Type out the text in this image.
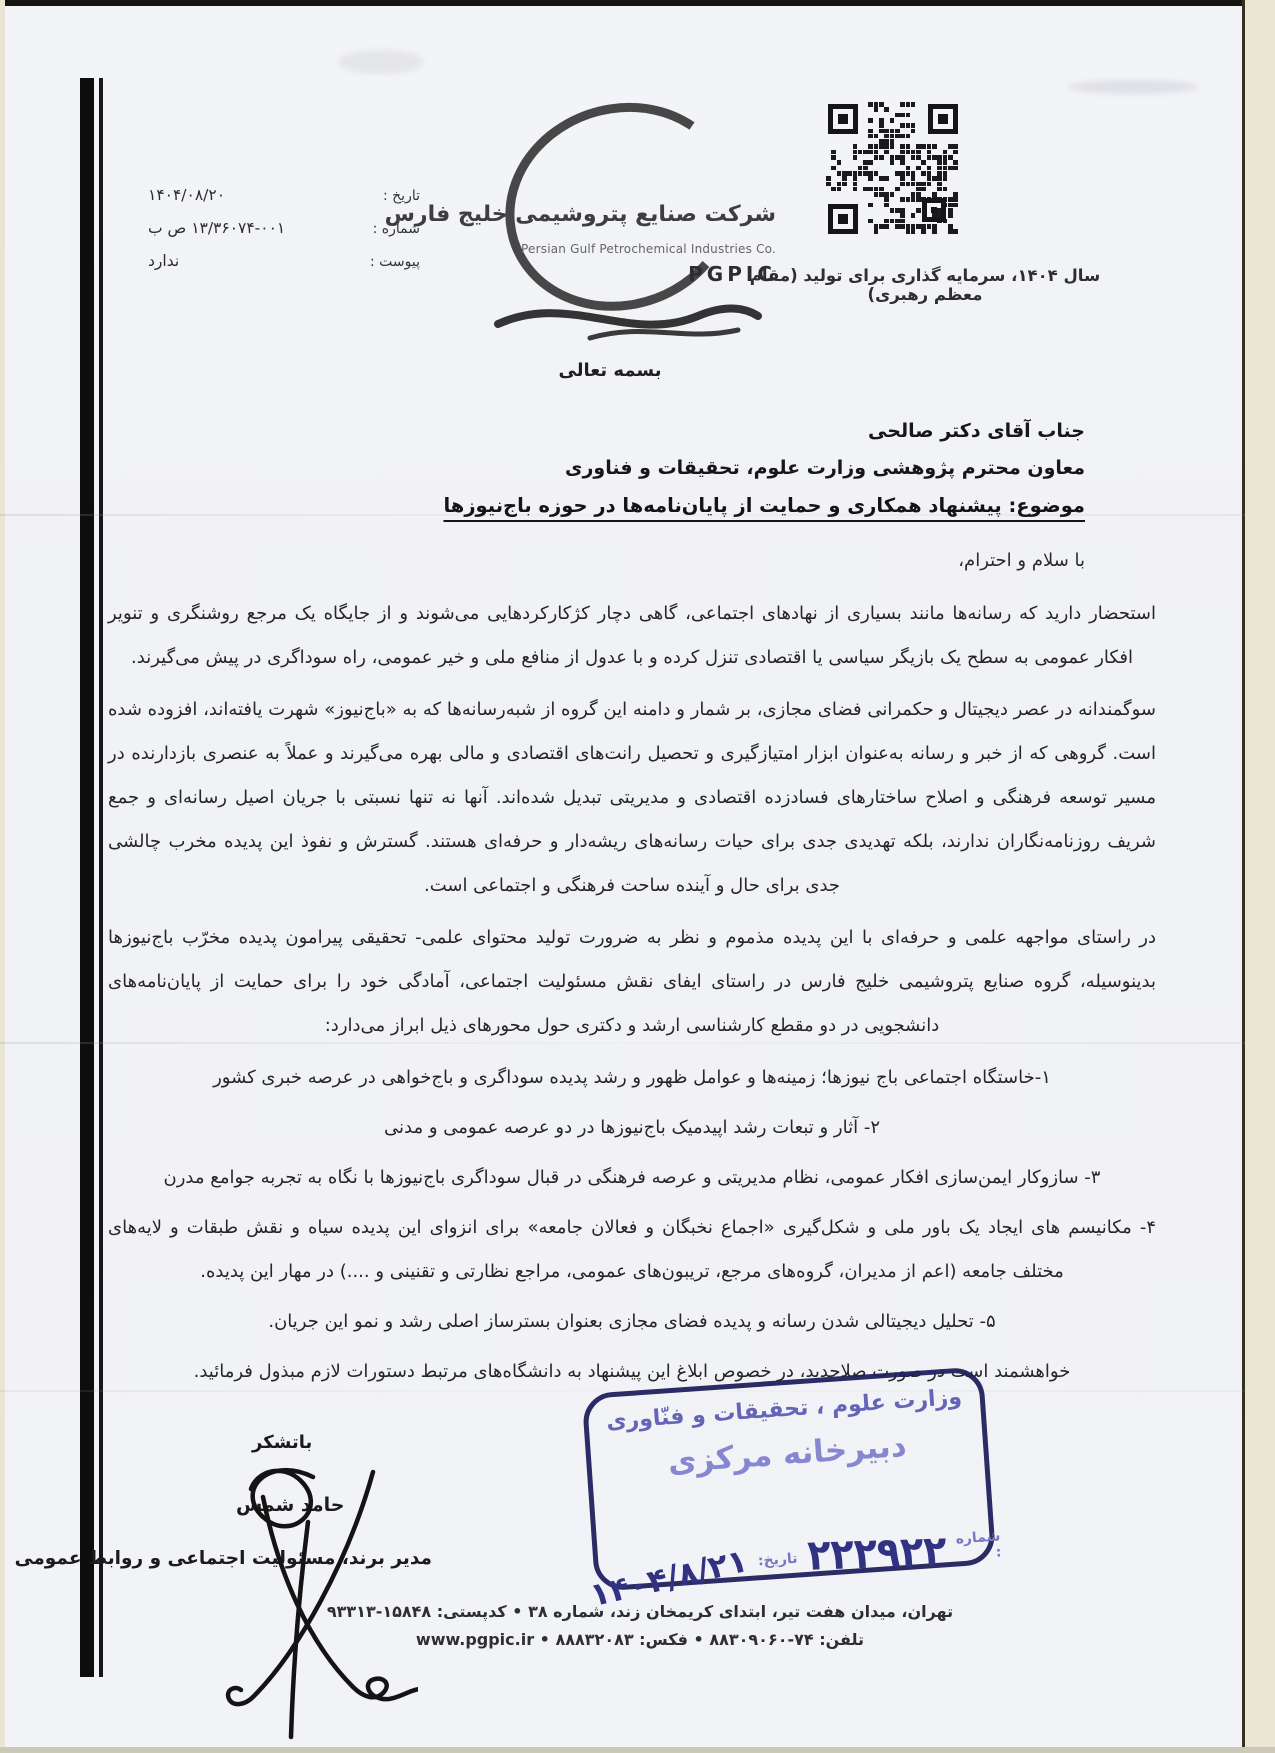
تاریخ :
۱۴۰۴/۰۸/۲۰
شماره :
۱۳/۳۶۰۷۴-۰۰۱ ص ب
پیوست :
ندارد
شرکت صنایع پتروشیمی خلیج فارس
Persian Gulf Petrochemical Industries Co.
PGPIC
سال ۱۴۰۴، سرمایه گذاری برای تولید (مقام معظم رهبری)
بسمه تعالی
جناب آقای دکتر صالحی
معاون محترم پژوهشی وزارت علوم، تحقیقات و فناوری
موضوع: پیشنهاد همکاری و حمایت از پایان‌نامه‌ها در حوزه باج‌نیوزها
با سلام و احترام،

استحضار دارید که رسانه‌ها مانند بسیاری از نهادهای اجتماعی، گاهی دچار کژکارکردهایی می‌شوند و از جایگاه یک مرجع روشنگری و تنویر افکار عمومی به سطح یک بازیگر سیاسی یا اقتصادی تنزل کرده و با عدول از منافع ملی و خیر عمومی، راه سوداگری در پیش می‌گیرند.

سوگمندانه در عصر دیجیتال و حکمرانی فضای مجازی، بر شمار و دامنه این گروه از شبه‌رسانه‌ها که به «باج‌نیوز» شهرت یافته‌اند، افزوده شده است. گروهی که از خبر و رسانه به‌عنوان ابزار امتیازگیری و تحصیل رانت‌های اقتصادی و مالی بهره می‌گیرند و عملاً به عنصری بازدارنده در مسیر توسعه فرهنگی و اصلاح ساختارهای فسادزده اقتصادی و مدیریتی تبدیل شده‌اند. آنها نه تنها نسبتی با جریان اصیل رسانه‌ای و جمع شریف روزنامه‌نگاران ندارند، بلکه تهدیدی جدی برای حیات رسانه‌های ریشه‌دار و حرفه‌ای هستند. گسترش و نفوذ این پدیده مخرب چالشی جدی برای حال و آینده ساحت فرهنگی و اجتماعی است.

در راستای مواجهه علمی و حرفه‌ای با این پدیده مذموم و نظر به ضرورت تولید محتوای علمی- تحقیقی پیرامون پدیده مخرّب باج‌نیوزها بدینوسیله، گروه صنایع پتروشیمی خلیج فارس در راستای ایفای نقش مسئولیت اجتماعی، آمادگی خود را برای حمایت از پایان‌نامه‌های دانشجویی در دو مقطع کارشناسی ارشد و دکتری حول محورهای ذیل ابراز می‌دارد:

۱-خاستگاه اجتماعی باج نیوزها؛ زمینه‌ها و عوامل ظهور و رشد پدیده سوداگری و باج‌خواهی در عرصه خبری کشور

۲- آثار و تبعات رشد اپیدمیک باج‌نیوزها در دو عرصه عمومی و مدنی

۳- سازوکار ایمن‌سازی افکار عمومی، نظام مدیریتی و عرصه فرهنگی در قبال سوداگری باج‌نیوزها با نگاه به تجربه جوامع مدرن

۴- مکانیسم های ایجاد یک باور ملی و شکل‌گیری «اجماع نخبگان و فعالان جامعه» برای انزوای این پدیده سیاه و نقش طبقات و لایه‌های مختلف جامعه (اعم از مدیران، گروه‌های مرجع، تریبون‌های عمومی، مراجع نظارتی و تقنینی و ....) در مهار این پدیده.

۵- تحلیل دیجیتالی شدن رسانه و پدیده فضای مجازی بعنوان بسترساز اصلی رشد و نمو این جریان.

خواهشمند است در صورت صلاحدید، در خصوص ابلاغ این پیشنهاد به دانشگاه‌های مرتبط دستورات لازم مبذول فرمائید.

باتشکر
حامد شمس
مدیر برند، مسئولیت اجتماعی و روابط عمومی
وزارت علوم ، تحقیقات و فنّاوری
دبیرخانه مرکزی
شماره :
۲۲۲۹۲۲
تاریخ:
۱۴۰۴/۸/۲۱
تهران، میدان هفت تیر، ابتدای کریمخان زند، شماره ۳۸ • کدپستی: ۱۵۸۴۸-۹۳۳۱۳
تلفن: ۷۴-۸۸۳۰۹۰۶۰ • فکس: ۸۸۸۳۲۰۸۳ • www.pgpic.ir
